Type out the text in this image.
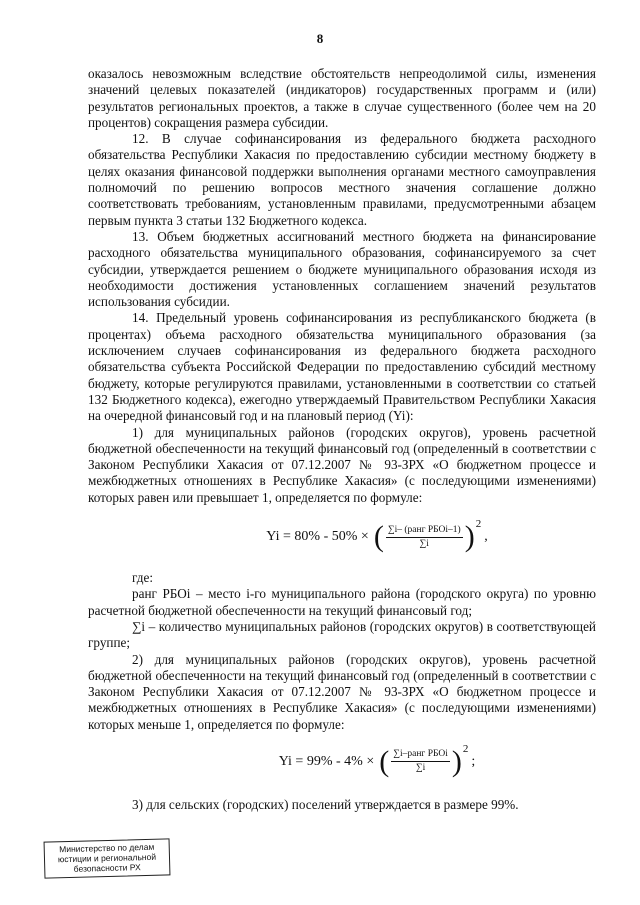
8

оказалось невозможным вследствие обстоятельств непреодолимой силы, изменения значений целевых показателей (индикаторов) государственных программ и (или) результатов региональных проектов, а также в случае существенного (более чем на 20 процентов) сокращения размера субсидии.

12. В случае софинансирования из федерального бюджета расходного обязательства Республики Хакасия по предоставлению субсидии местному бюджету в целях оказания финансовой поддержки выполнения органами местного самоуправления полномочий по решению вопросов местного значения соглашение должно соответствовать требованиям, установленным правилами, предусмотренными абзацем первым пункта 3 статьи 132 Бюджетного кодекса.

13. Объем бюджетных ассигнований местного бюджета на финансирование расходного обязательства муниципального образования, софинансируемого за счет субсидии, утверждается решением о бюджете муниципального образования исходя из необходимости достижения установленных соглашением значений результатов использования субсидии.

14. Предельный уровень софинансирования из республиканского бюджета (в процентах) объема расходного обязательства муниципального образования (за исключением случаев софинансирования из федерального бюджета расходного обязательства субъекта Российской Федерации по предоставлению субсидий местному бюджету, которые регулируются правилами, установленными в соответствии со статьей 132 Бюджетного кодекса), ежегодно утверждаемый Правительством Республики Хакасия на очередной финансовый год и на плановый период (Yi):

1) для муниципальных районов (городских округов), уровень расчетной бюджетной обеспеченности на текущий финансовый год (определенный в соответствии с Законом Республики Хакасия от 07.12.2007 № 93-ЗРХ «О бюджетном процессе и межбюджетных отношениях в Республике Хакасия» (с последующими изменениями) которых равен или превышает 1, определяется по формуле:

Yi = 80% - 50% × ( $\frac{\text{∑i– (ранг РБОi–1)}}{\sum i}$ ) 2
,

где:

ранг РБОi – место i-го муниципального района (городского округа) по уровню расчетной бюджетной обеспеченности на текущий финансовый год;

∑i – количество муниципальных районов (городских округов) в соответствующей группе;

2) для муниципальных районов (городских округов), уровень расчетной бюджетной обеспеченности на текущий финансовый год (определенный в соответствии с Законом Республики Хакасия от 07.12.2007 № 93-ЗРХ «О бюджетном процессе и межбюджетных отношениях в Республике Хакасия» (с последующими изменениями) которых меньше 1, определяется по формуле:

Yi = 99% - 4% × ( $\frac{\text{∑i–ранг РБОi}}{\sum i}$ ) 2
;

3) для сельских (городских) поселений утверждается в размере 99%.

Министерство по делам
юстиции и региональной
безопасности РХ
